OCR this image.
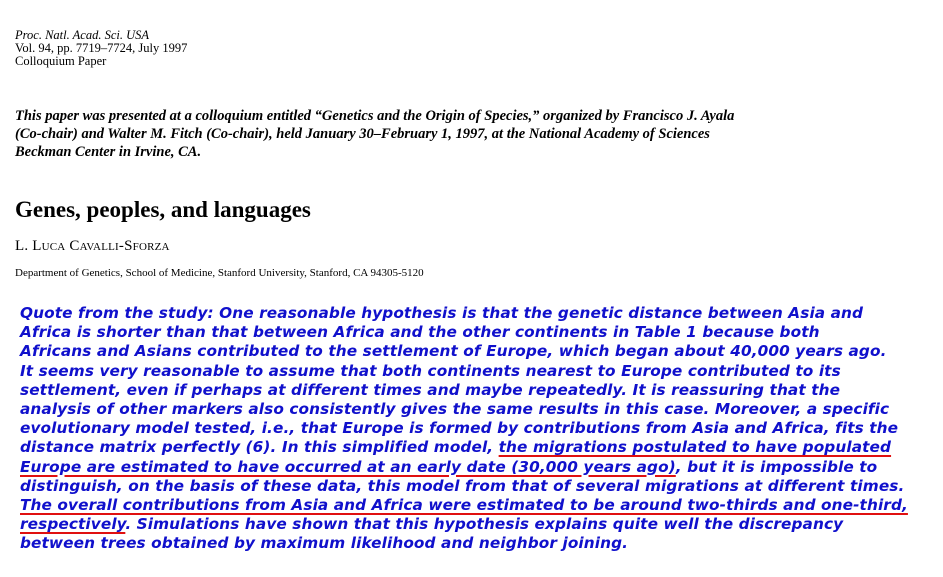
Proc. Natl. Acad. Sci. USA
Vol. 94, pp. 7719–7724, July 1997
Colloquium Paper
This paper was presented at a colloquium entitled “Genetics and the Origin of Species,” organized by Francisco J. Ayala
(Co-chair) and Walter M. Fitch (Co-chair), held January 30–February 1, 1997, at the National Academy of Sciences
Beckman Center in Irvine, CA.
Genes, peoples, and languages
L. Luca Cavalli-Sforza
Department of Genetics, School of Medicine, Stanford University, Stanford, CA 94305-5120
Quote from the study: One reasonable hypothesis is that the genetic distance between Asia and
Africa is shorter than that between Africa and the other continents in Table 1 because both
Africans and Asians contributed to the settlement of Europe, which began about 40,000 years ago.
It seems very reasonable to assume that both continents nearest to Europe contributed to its
settlement, even if perhaps at different times and maybe repeatedly. It is reassuring that the
analysis of other markers also consistently gives the same results in this case. Moreover, a specific
evolutionary model tested, i.e., that Europe is formed by contributions from Asia and Africa, fits the
distance matrix perfectly (6). In this simplified model, the migrations postulated to have populated
Europe are estimated to have occurred at an early date (30,000 years ago), but it is impossible to
distinguish, on the basis of these data, this model from that of several migrations at different times.
The overall contributions from Asia and Africa were estimated to be around two-thirds and one-third,
respectively. Simulations have shown that this hypothesis explains quite well the discrepancy
between trees obtained by maximum likelihood and neighbor joining.
